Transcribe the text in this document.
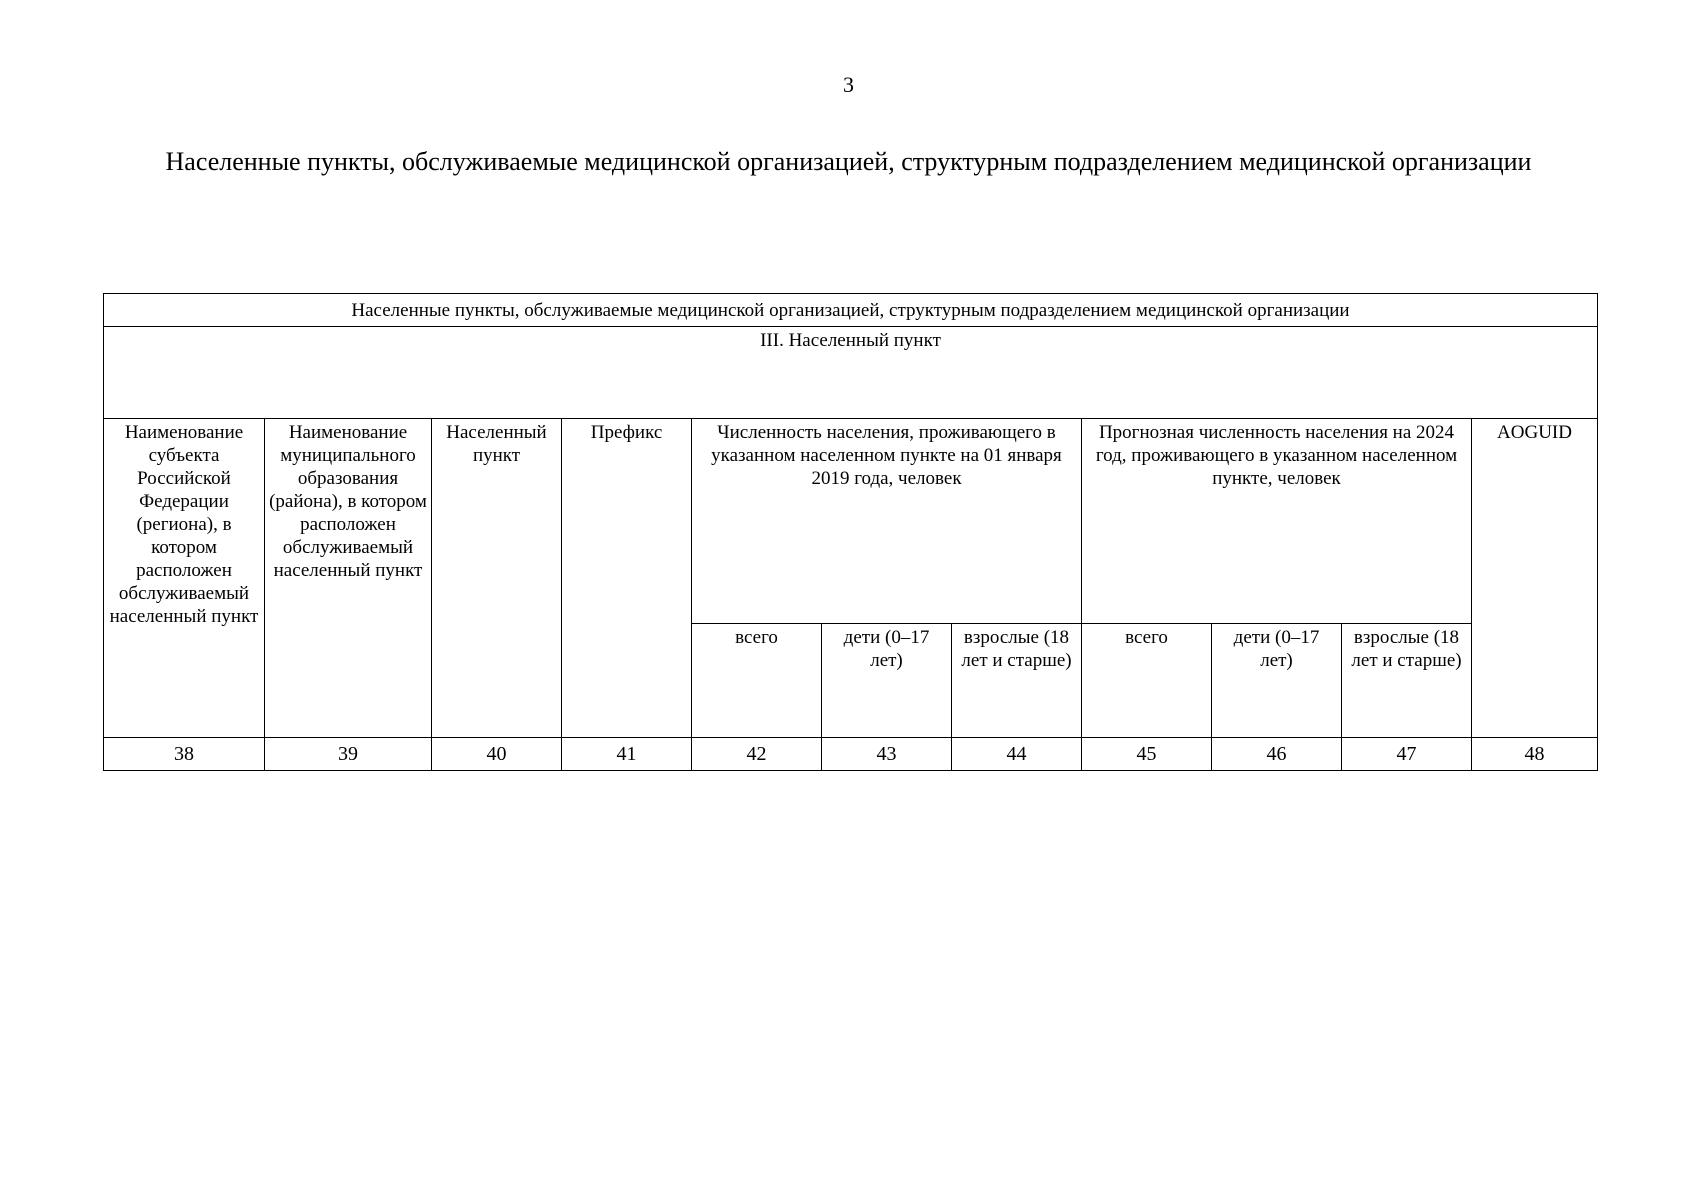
3
Населенные пункты, обслуживаемые медицинской организацией, структурным подразделением медицинской организации
Населенные пункты, обслуживаемые медицинской организацией, структурным подразделением медицинской организации										
III. Населенный пункт										
Наименование субъекта Российской Федерации (региона), в котором расположен обслуживаемый населенный пункт	Наименование муниципального образования (района), в котором расположен обслуживаемый населенный пункт	Населенный пункт	Префикс	Численность населения, проживающего в указанном населенном пункте на 01 января 2019 года, человек			Прогнозная численность населения на 2024 год, проживающего в указанном населенном пункте, человек			AOGUID
				всего	дети (0–17 лет)	взрослые (18 лет и старше)	всего	дети (0–17 лет)	взрослые (18 лет и старше)	
38	39	40	41	42	43	44	45	46	47	48
